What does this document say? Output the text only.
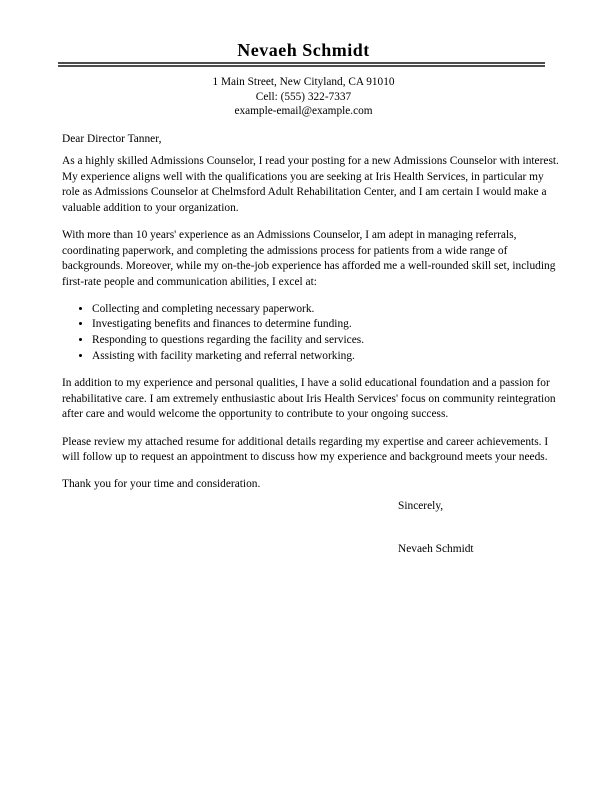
Nevaeh Schmidt
1 Main Street, New Cityland, CA 91010
Cell: (555) 322-7337
example-email@example.com

Dear Director Tanner,

As a highly skilled Admissions Counselor, I read your posting for a new Admissions Counselor with interest. My experience aligns well with the qualifications you are seeking at Iris Health Services, in particular my role as Admissions Counselor at Chelmsford Adult Rehabilitation Center, and I am certain I would make a valuable addition to your organization.

With more than 10 years' experience as an Admissions Counselor, I am adept in managing referrals, coordinating paperwork, and completing the admissions process for patients from a wide range of backgrounds. Moreover, while my on-the-job experience has afforded me a well-rounded skill set, including first-rate people and communication abilities, I excel at:

• Collecting and completing necessary paperwork.
• Investigating benefits and finances to determine funding.
• Responding to questions regarding the facility and services.
• Assisting with facility marketing and referral networking.

In addition to my experience and personal qualities, I have a solid educational foundation and a passion for rehabilitative care. I am extremely enthusiastic about Iris Health Services' focus on community reintegration after care and would welcome the opportunity to contribute to your ongoing success.

Please review my attached resume for additional details regarding my expertise and career achievements. I will follow up to request an appointment to discuss how my experience and background meets your needs.

Thank you for your time and consideration.

Sincerely,

Nevaeh Schmidt
